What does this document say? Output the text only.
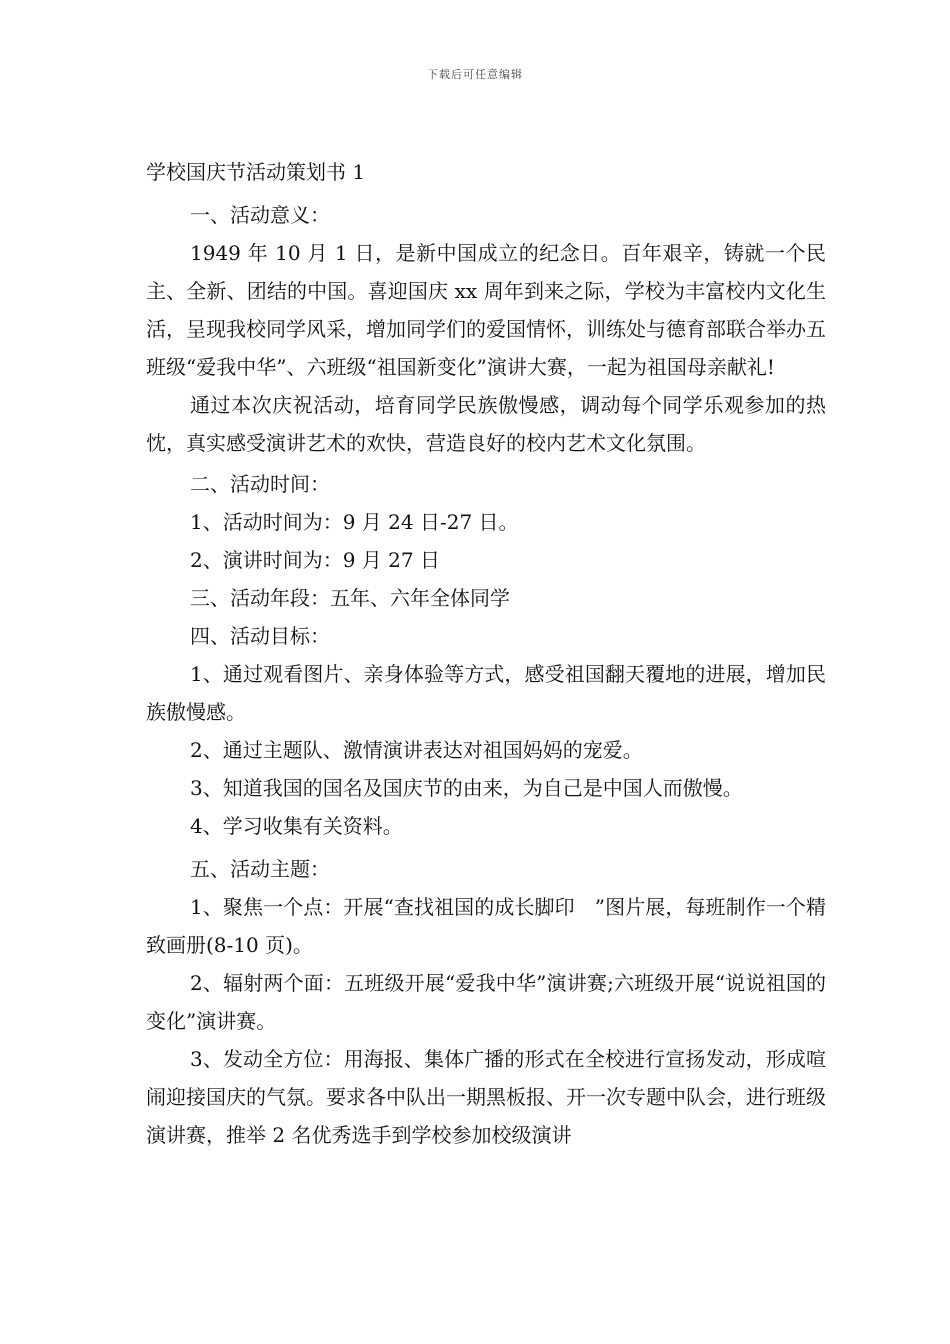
下载后可任意编辑
学校国庆节活动策划书 1

一、活动意义：

1949 年 10 月 1 日，是新中国成立的纪念日。百年艰辛，铸就一个民主、全新、团结的中国。喜迎国庆 xx 周年到来之际，学校为丰富校内文化生活，呈现我校同学风采，增加同学们的爱国情怀，训练处与德育部联合举办五班级“爱我中华”、六班级“祖国新变化”演讲大赛，一起为祖国母亲献礼!

通过本次庆祝活动，培育同学民族傲慢感，调动每个同学乐观参加的热忱，真实感受演讲艺术的欢快，营造良好的校内艺术文化氛围。

二、活动时间：

1、活动时间为：9 月 24 日-27 日。

2、演讲时间为：9 月 27 日

三、活动年段：五年、六年全体同学

四、活动目标：

1、通过观看图片、亲身体验等方式，感受祖国翻天覆地的进展，增加民族傲慢感。

2、通过主题队、激情演讲表达对祖国妈妈的宠爱。

3、知道我国的国名及国庆节的由来，为自己是中国人而傲慢。

4、学习收集有关资料。

五、活动主题：

1、聚焦一个点：开展“查找祖国的成长脚印　”图片展，每班制作一个精致画册(8-10 页)。

2、辐射两个面：五班级开展“爱我中华”演讲赛;六班级开展“说说祖国的变化”演讲赛。

3、发动全方位：用海报、集体广播的形式在全校进行宣扬发动，形成喧闹迎接国庆的气氛。要求各中队出一期黑板报、开一次专题中队会，进行班级演讲赛，推举 2 名优秀选手到学校参加校级演讲
